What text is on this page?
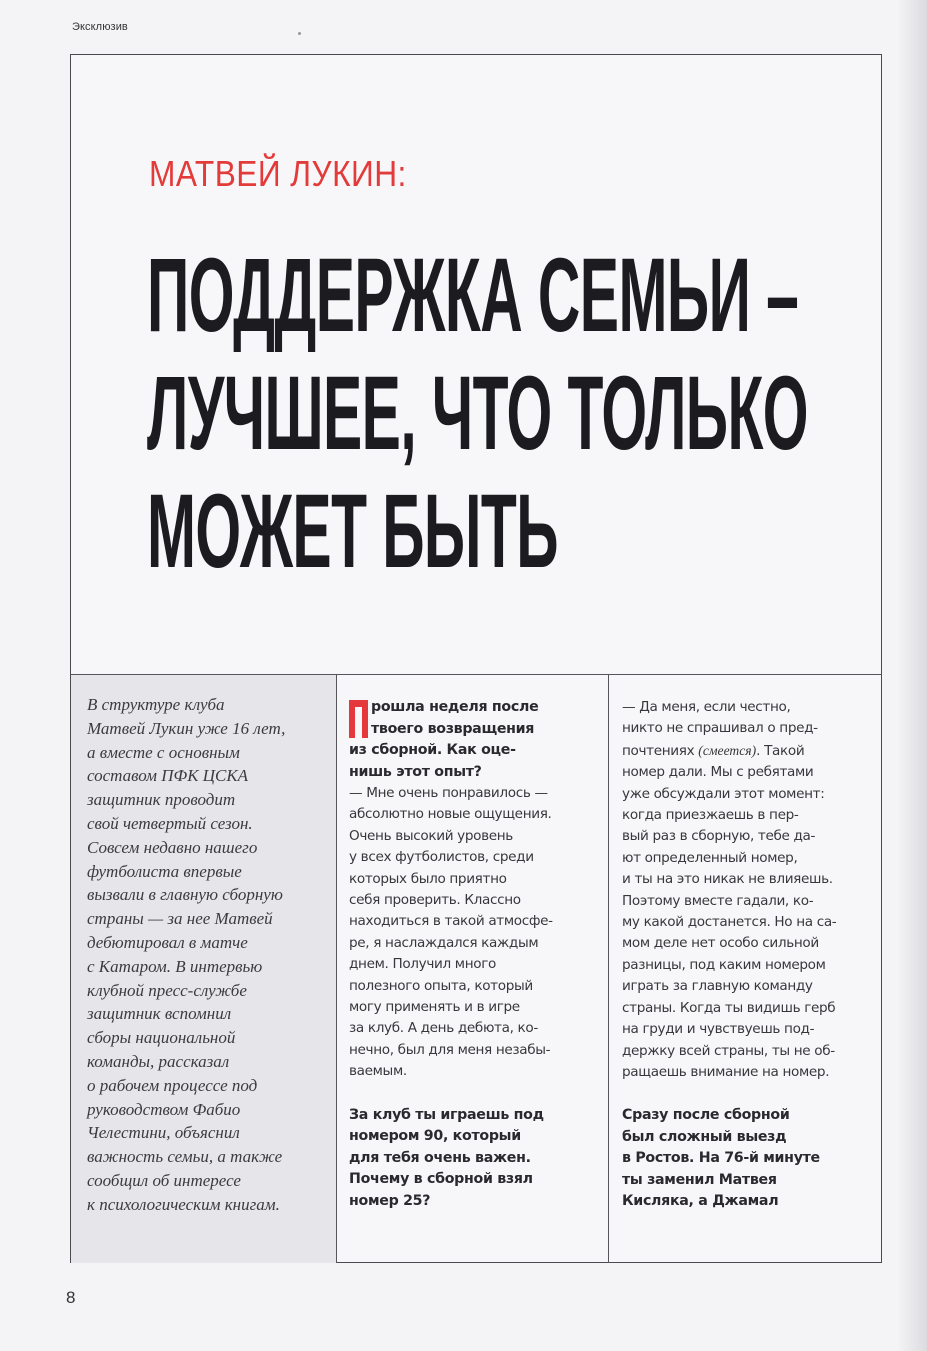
Эксклюзив
МАТВЕЙ ЛУКИН:
ПОДДЕРЖКА СЕМЬИ –
ЛУЧШЕЕ, ЧТО ТОЛЬКО
МОЖЕТ БЫТЬ
В структуре клуба
Матвей Лукин уже 16 лет,
а вместе с основным
составом ПФК ЦСКА
защитник проводит
свой четвертый сезон.
Совсем недавно нашего
футболиста впервые
вызвали в главную сборную
страны — за нее Матвей
дебютировал в матче
с Катаром. В интервью
клубной пресс-службе
защитник вспомнил
сборы национальной
команды, рассказал
о рабочем процессе под
руководством Фабио
Челестини, объяснил
важность семьи, а также
сообщил об интересе
к психологическим книгам.
рошла неделя после
твоего возвращения
из сборной. Как оце-
нишь этот опыт?
— Мне очень понравилось —
абсолютно новые ощущения.
Очень высокий уровень
у всех футболистов, среди
которых было приятно
себя проверить. Классно
находиться в такой атмосфе-
ре, я наслаждался каждым
днем. Получил много
полезного опыта, который
могу применять и в игре
за клуб. А день дебюта, ко-
нечно, был для меня незабы-
ваемым.
За клуб ты играешь под
номером 90, который
для тебя очень важен.
Почему в сборной взял
номер 25?
— Да меня, если честно,
никто не спрашивал о пред-
почтениях (смеется). Такой
номер дали. Мы с ребятами
уже обсуждали этот момент:
когда приезжаешь в пер-
вый раз в сборную, тебе да-
ют определенный номер,
и ты на это никак не влияешь.
Поэтому вместе гадали, ко-
му какой достанется. Но на са-
мом деле нет особо сильной
разницы, под каким номером
играть за главную команду
страны. Когда ты видишь герб
на груди и чувствуешь под-
держку всей страны, ты не об-
ращаешь внимание на номер.
Сразу после сборной
был сложный выезд
в Ростов. На 76-й минуте
ты заменил Матвея
Кисляка, а Джамал
8
